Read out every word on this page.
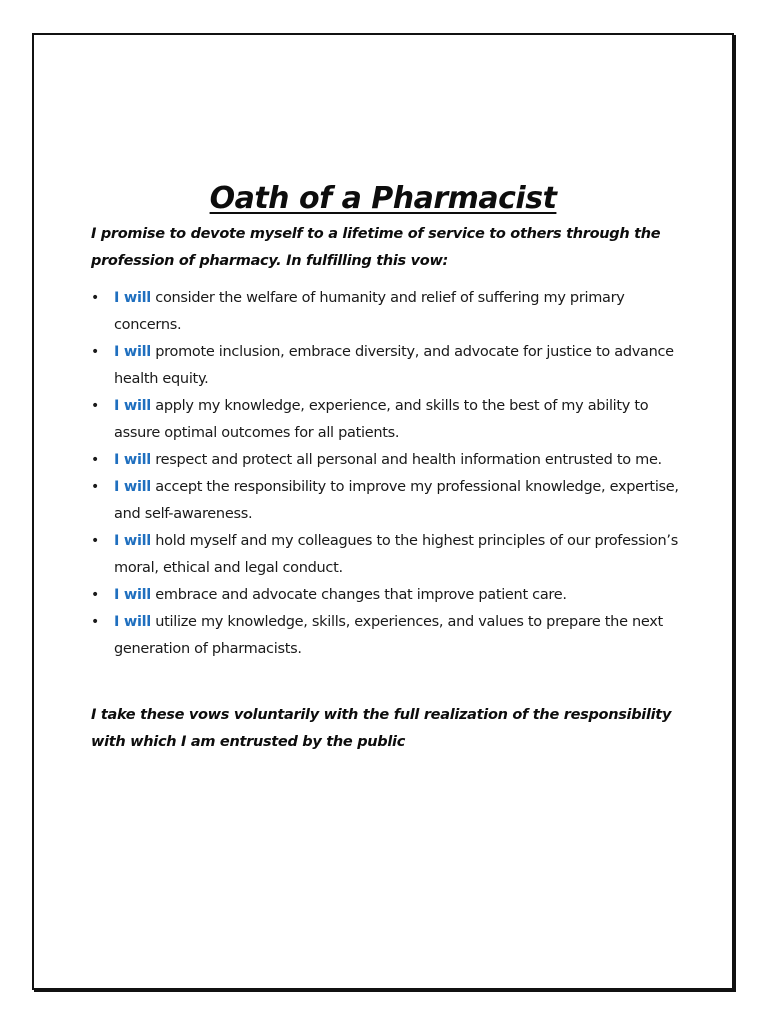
Oath of a Pharmacist

I promise to devote myself to a lifetime of service to others through the profession of pharmacy. In fulfilling this vow:

• I will consider the welfare of humanity and relief of suffering my primary concerns.
• I will promote inclusion, embrace diversity, and advocate for justice to advance health equity.
• I will apply my knowledge, experience, and skills to the best of my ability to assure optimal outcomes for all patients.
• I will respect and protect all personal and health information entrusted to me.
• I will accept the responsibility to improve my professional knowledge, expertise, and self-awareness.
• I will hold myself and my colleagues to the highest principles of our profession’s moral, ethical and legal conduct.
• I will embrace and advocate changes that improve patient care.
• I will utilize my knowledge, skills, experiences, and values to prepare the next generation of pharmacists.

I take these vows voluntarily with the full realization of the responsibility with which I am entrusted by the public
